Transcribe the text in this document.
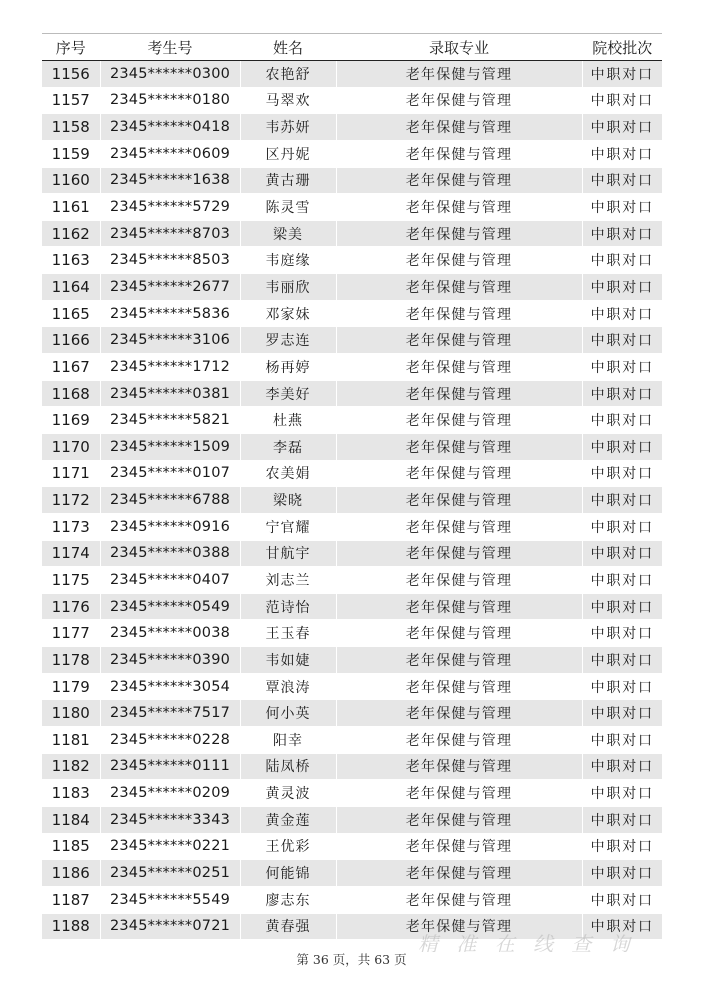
序号	考生号	姓名	录取专业	院校批次
1156	2345******0300	农艳舒	老年保健与管理	中职对口
1157	2345******0180	马翠欢	老年保健与管理	中职对口
1158	2345******0418	韦苏妍	老年保健与管理	中职对口
1159	2345******0609	区丹妮	老年保健与管理	中职对口
1160	2345******1638	黄古珊	老年保健与管理	中职对口
1161	2345******5729	陈灵雪	老年保健与管理	中职对口
1162	2345******8703	梁美	老年保健与管理	中职对口
1163	2345******8503	韦庭缘	老年保健与管理	中职对口
1164	2345******2677	韦丽欣	老年保健与管理	中职对口
1165	2345******5836	邓家妹	老年保健与管理	中职对口
1166	2345******3106	罗志连	老年保健与管理	中职对口
1167	2345******1712	杨再婷	老年保健与管理	中职对口
1168	2345******0381	李美好	老年保健与管理	中职对口
1169	2345******5821	杜燕	老年保健与管理	中职对口
1170	2345******1509	李磊	老年保健与管理	中职对口
1171	2345******0107	农美娟	老年保健与管理	中职对口
1172	2345******6788	梁晓	老年保健与管理	中职对口
1173	2345******0916	宁官耀	老年保健与管理	中职对口
1174	2345******0388	甘航宇	老年保健与管理	中职对口
1175	2345******0407	刘志兰	老年保健与管理	中职对口
1176	2345******0549	范诗怡	老年保健与管理	中职对口
1177	2345******0038	王玉春	老年保健与管理	中职对口
1178	2345******0390	韦如婕	老年保健与管理	中职对口
1179	2345******3054	覃浪涛	老年保健与管理	中职对口
1180	2345******7517	何小英	老年保健与管理	中职对口
1181	2345******0228	阳幸	老年保健与管理	中职对口
1182	2345******0111	陆凤桥	老年保健与管理	中职对口
1183	2345******0209	黄灵波	老年保健与管理	中职对口
1184	2345******3343	黄金莲	老年保健与管理	中职对口
1185	2345******0221	王优彩	老年保健与管理	中职对口
1186	2345******0251	何能锦	老年保健与管理	中职对口
1187	2345******5549	廖志东	老年保健与管理	中职对口
1188	2345******0721	黄春强	老年保健与管理	中职对口
精 准 在 线 查 询
第 36 页，共 63 页
